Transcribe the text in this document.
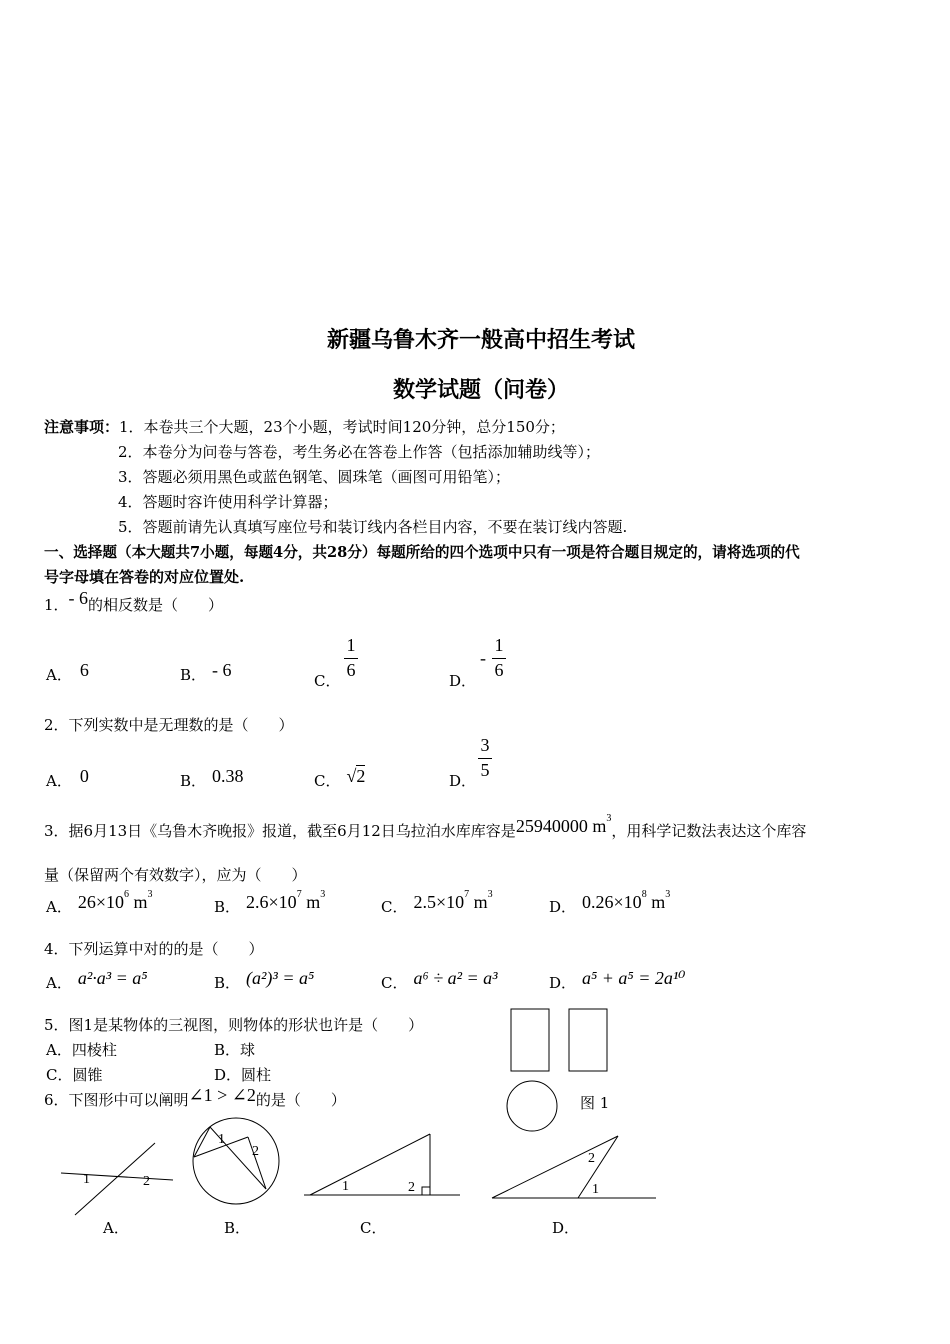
新疆乌鲁木齐一般高中招生考试
数学试题（问卷）
注意事项：1．本卷共三个大题，23个小题，考试时间120分钟，总分150分；
2．本卷分为问卷与答卷，考生务必在答卷上作答（包括添加辅助线等）；
3．答题必须用黑色或蓝色钢笔、圆珠笔（画图可用铅笔）；
4．答题时容许使用科学计算器；
5．答题前请先认真填写座位号和装订线内各栏目内容，不要在装订线内答题.
一、选择题（本大题共7小题，每题4分，共28分）每题所给的四个选项中只有一项是符合题目规定的，请将选项的代
号字母填在答卷的对应位置处.
1．- 6的相反数是（　　）
A． 6	B． - 6
C．
1
6
D．
-
1
6
2．下列实数中是无理数的是（　　）
A． 0	B． 0.38	C． √2	D．
3
5
3．据6月13日《乌鲁木齐晚报》报道，截至6月12日乌拉泊水库库容是25940000 $m^3$，用科学记数法表达这个库容
量（保留两个有效数字），应为（　　）
A． $26\times 10^6$ $m^3$
B． $2.6\times 10^7$ $m^3$
C． $2.5\times 10^7$ $m^3$
D． $0.26\times 10^8$ $m^3$
4．下列运算中对的的是（　　）
A． a²·a³ = a⁵	B． (a²)³ = a⁵	C． a⁶ ÷ a² = a³	D． a⁵ + a⁵ = 2a¹⁰
5．图1是某物体的三视图，则物体的形状也许是（　　）
A．四棱柱	B．球
C．圆锥	D．圆柱
图 1
6．下图形中可以阐明∠1 > ∠2的是（　　）
1	2
A．
1
2
B．
1	2
C．
2
1
D．
